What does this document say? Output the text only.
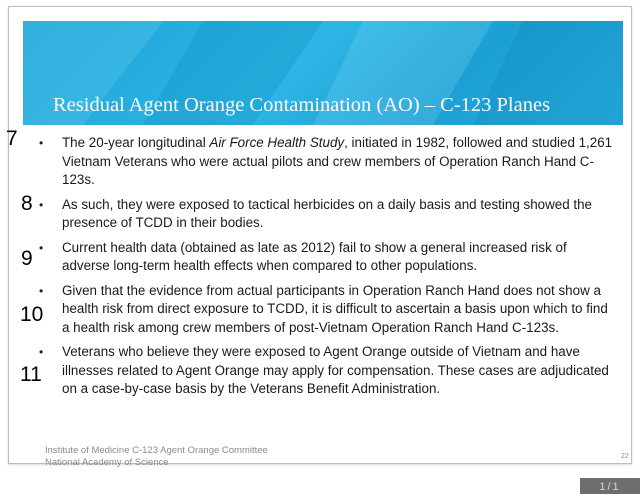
Residual Agent Orange Contamination (AO) – C-123 Planes
• The 20-year longitudinal Air Force Health Study, initiated in 1982, followed and studied 1,261 Vietnam Veterans who were actual pilots and crew members of Operation Ranch Hand C-123s.
• As such, they were exposed to tactical herbicides on a daily basis and testing showed the presence of TCDD in their bodies.
• Current health data (obtained as late as 2012) fail to show a general increased risk of adverse long-term health effects when compared to other populations.
• Given that the evidence from actual participants in Operation Ranch Hand does not show a health risk from direct exposure to TCDD, it is difficult to ascertain a basis upon which to find a health risk among crew members of post-Vietnam Operation Ranch Hand C-123s.
• Veterans who believe they were exposed to Agent Orange outside of Vietnam and have illnesses related to Agent Orange may apply for compensation. These cases are adjudicated on a case-by-case basis by the Veterans Benefit Administration.
Institute of Medicine C-123 Agent Orange Committee
National Academy of Science
22
7
8
9
10
11
1/1
